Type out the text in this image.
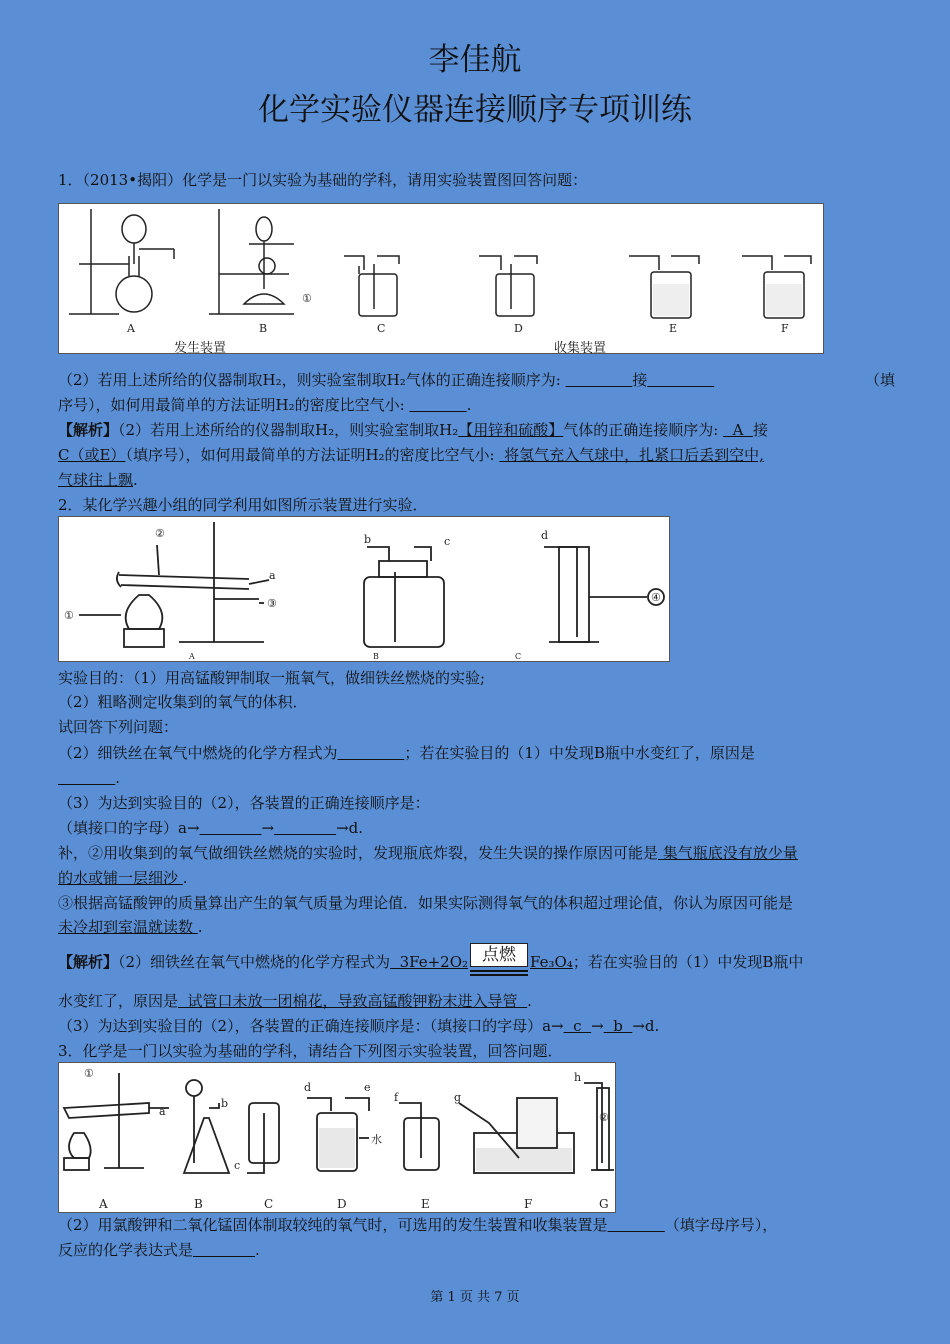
李佳航
化学实验仪器连接顺序专项训练
1．（2013•揭阳）化学是一门以实验为基础的学科，请用实验装置图回答问题：
①
A	B	C	D	E	F
发生装置	收集装置
（2）若用上述所给的仪器制取H₂，则实验室制取H₂气体的正确连接顺序为:	接	（填
序号），如何用最简单的方法证明H₂的密度比空气小:	.
【解析】（2）若用上述所给的仪器制取H₂，则实验室制取H₂【用锌和硫酸】气体的正确连接顺序为:   A  接
C（或E）（填序号），如何用最简单的方法证明H₂的密度比空气小:  将氢气充入气球中，扎紧口后丢到空中,
气球往上飘.
2．某化学兴趣小组的同学利用如图所示装置进行实验．
①
②
③
a
b	c	d
④
A	B	C
实验目的：（1）用高锰酸钾制取一瓶氧气，做细铁丝燃烧的实验;
（2）粗略测定收集到的氧气的体积．
试回答下列问题：
（2）细铁丝在氧气中燃烧的化学方程式为	；若在实验目的（1）中发现B瓶中水变红了，原因是
.
（3）为达到实验目的（2），各装置的正确连接顺序是：
（填接口的字母）a→	→	→d.
补，②用收集到的氧气做细铁丝燃烧的实验时，发现瓶底炸裂，发生失误的操作原因可能是 集气瓶底没有放少量
的水或铺一层细沙 .
③根据高锰酸钾的质量算出产生的氧气质量为理论值．如果实际测得氧气的体积超过理论值，你认为原因可能是
未冷却到室温就读数 .
【解析】（2）细铁丝在氧气中燃烧的化学方程式为  3Fe+2O₂ 点燃 Fe₃O₄；若在实验目的（1）中发现B瓶中
水变红了，原因是  试管口未放一团棉花，导致高锰酸钾粉末进入导管  .
（3）为达到实验目的（2），各装置的正确连接顺序是：（填接口的字母）a→  c  →  b  →d.
3．化学是一门以实验为基础的学科，请结合下列图示实验装置，回答问题．
①
a
b
c
d	e
水
f	g
h
②
A	B	C	D	E	F	G
（2）用氯酸钾和二氧化锰固体制取较纯的氧气时，可选用的发生装置和收集装置是	（填字母序号），
反应的化学表达式是	.
第 1 页 共 7 页
